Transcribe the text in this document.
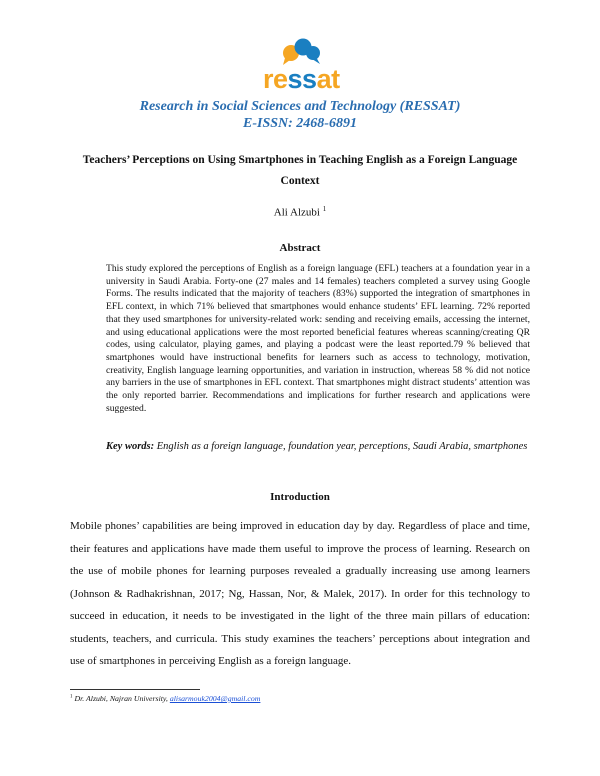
ressat
Research in Social Sciences and Technology (RESSAT)
E-ISSN: 2468-6891
Teachers’ Perceptions on Using Smartphones in Teaching English as a Foreign Language Context
Ali Alzubi $^1$
Abstract

This study explored the perceptions of English as a foreign language (EFL) teachers at a foundation year in a university in Saudi Arabia. Forty-one (27 males and 14 females) teachers completed a survey using Google Forms. The results indicated that the majority of teachers (83%) supported the integration of smartphones in EFL context, in which 71% believed that smartphones would enhance students’ EFL learning. 72% reported that they used smartphones for university-related work: sending and receiving emails, accessing the internet, and using educational applications were the most reported beneficial features whereas scanning/creating QR codes, using calculator, playing games, and playing a podcast were the least reported.79 % believed that smartphones would have instructional benefits for learners such as access to technology, motivation, creativity, English language learning opportunities, and variation in instruction, whereas 58 % did not notice any barriers in the use of smartphones in EFL context. That smartphones might distract students’ attention was the only reported barrier. Recommendations and implications for further research and applications were suggested.

Key words: English as a foreign language, foundation year, perceptions, Saudi Arabia, smartphones

Introduction

Mobile phones’ capabilities are being improved in education day by day. Regardless of place and time, their features and applications have made them useful to improve the process of learning. Research on the use of mobile phones for learning purposes revealed a gradually increasing use among learners (Johnson & Radhakrishnan, 2017; Ng, Hassan, Nor, & Malek, 2017). In order for this technology to succeed in education, it needs to be investigated in the light of the three main pillars of education: students, teachers, and curricula. This study examines the teachers’ perceptions about integration and use of smartphones in perceiving English as a foreign language.

$^1$ Dr. Alzubi, Najran University, alisarmouk2004@gmail.com
